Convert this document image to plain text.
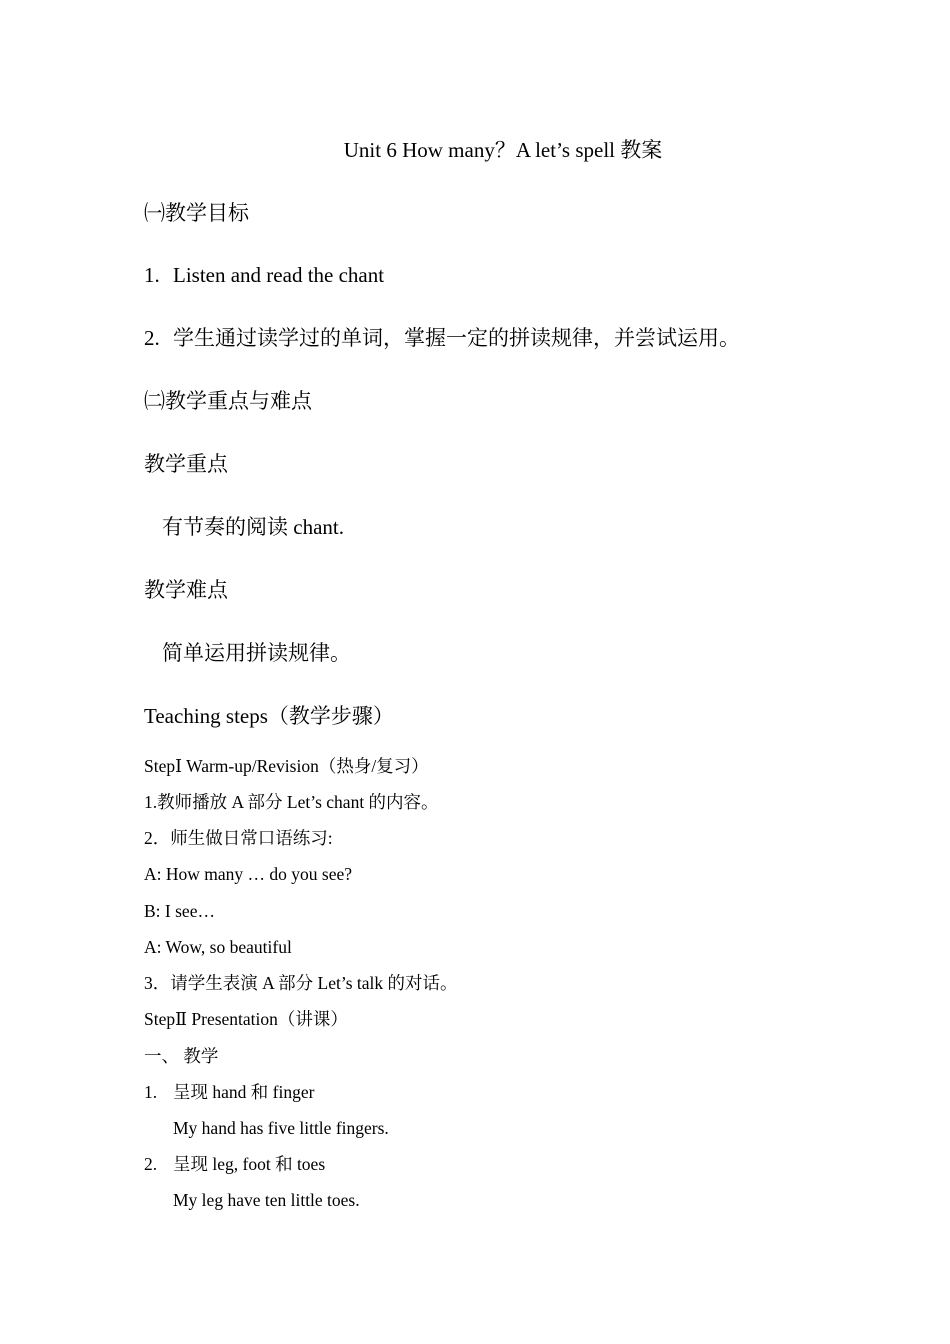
Unit 6 How many？A let’s spell 教案
㈠教学目标
1. Listen and read the chant
2. 学生通过读学过的单词，掌握一定的拼读规律，并尝试运用。
㈡教学重点与难点
教学重点
有节奏的阅读 chant.
教学难点
简单运用拼读规律。
Teaching steps（教学步骤）
StepⅠ Warm-up/Revision（热身/复习）
1.教师播放 A 部分 Let’s chant 的内容。
2．师生做日常口语练习:
A: How many … do you see?
B: I see…
A: Wow, so beautiful
3．请学生表演 A 部分 Let’s talk 的对话。
StepⅡ Presentation（讲课）
一、 教学
1. 呈现 hand 和 finger
My hand has five little fingers.
2. 呈现 leg, foot 和 toes
My leg have ten little toes.
